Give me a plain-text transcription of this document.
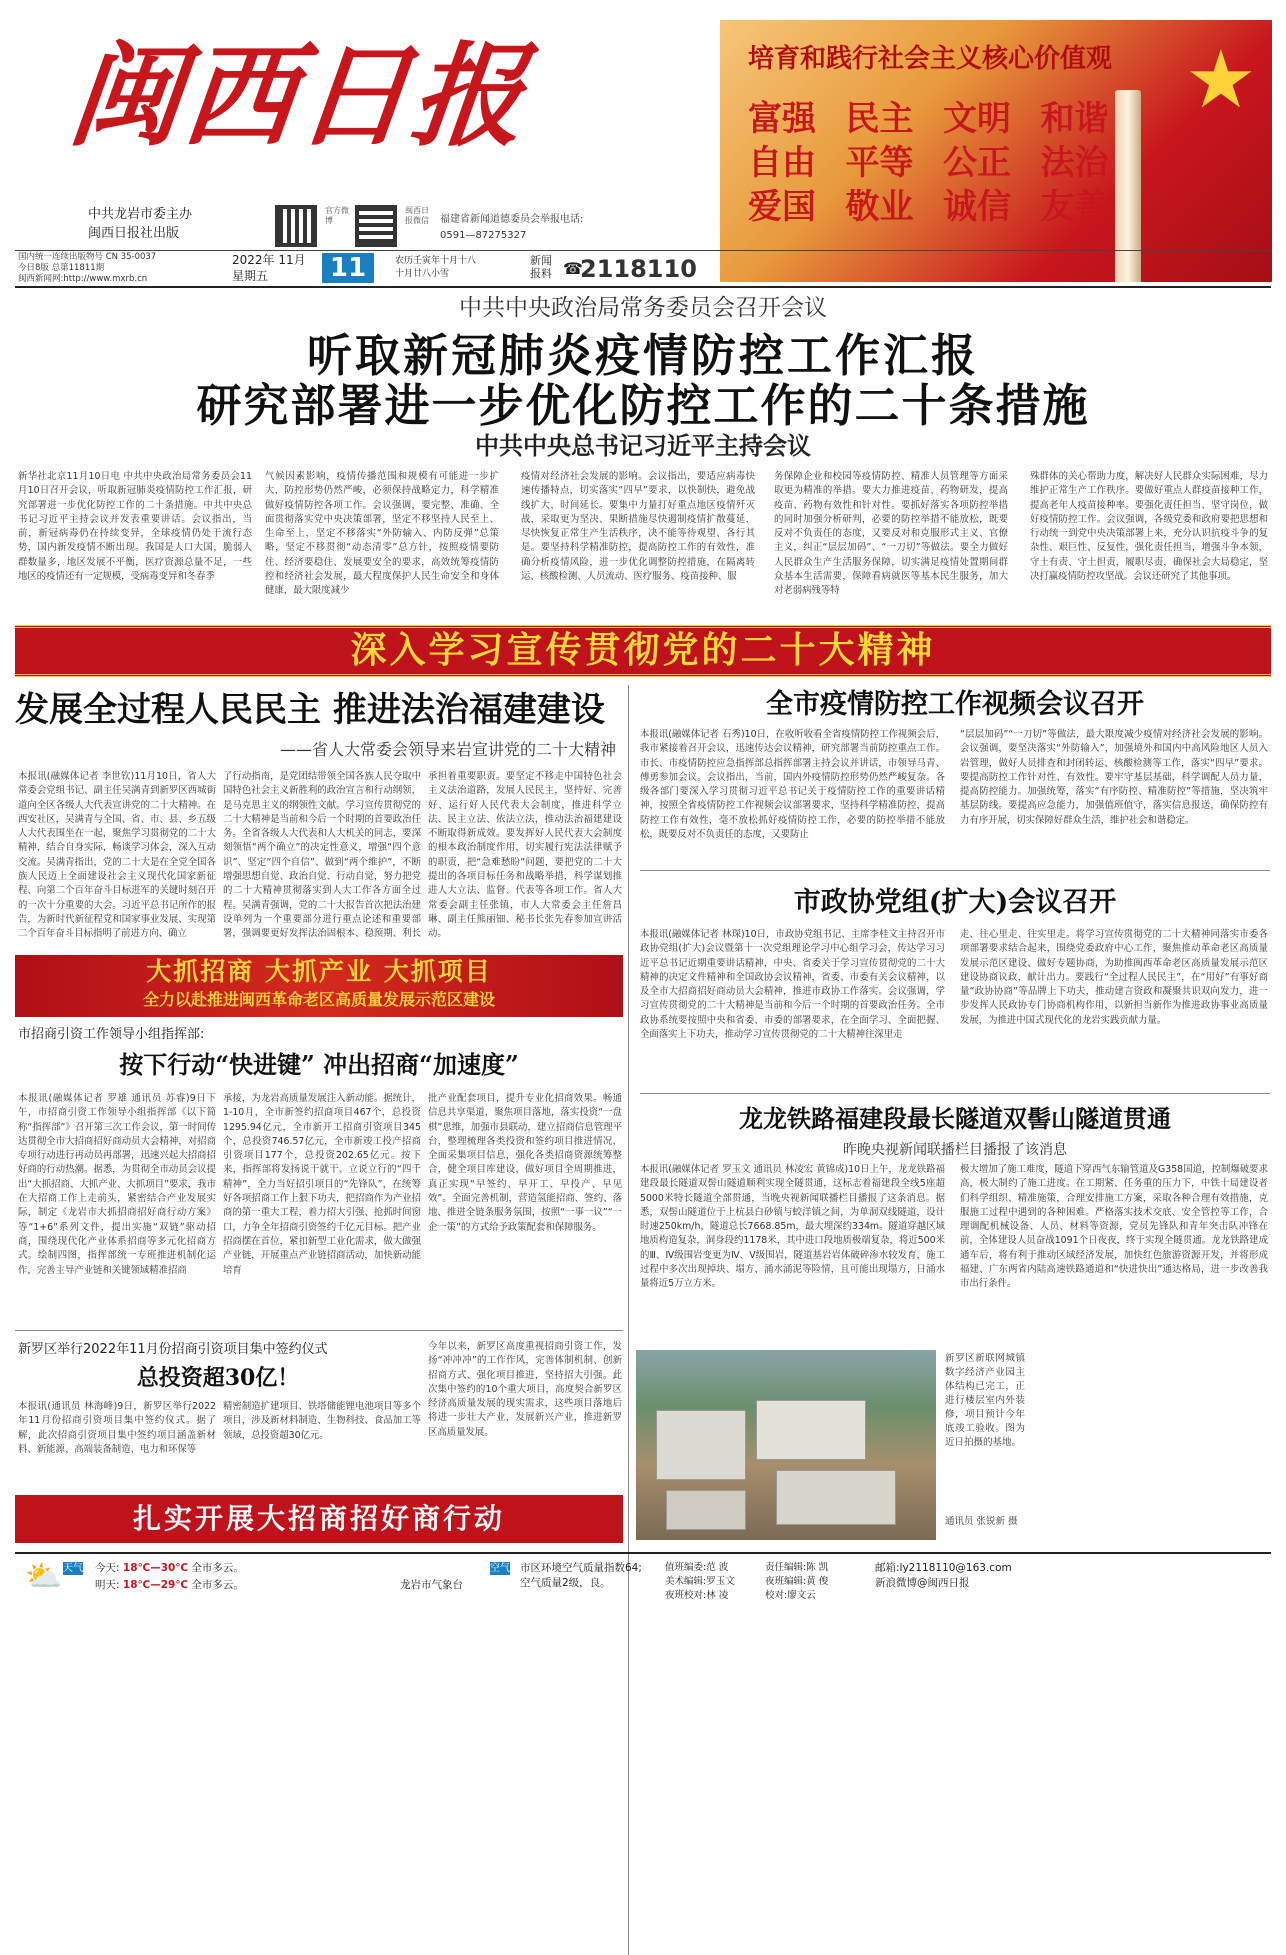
闽西日报
中共龙岩市委主办
闽西日报社出版
官方微博
闽西日报微信 福建省新闻道德委员会举报电话:
0591—87275327
★
培育和践行社会主义核心价值观
富强 民主 文明 和谐
自由 平等 公正 法治
爱国 敬业 诚信 友善
国内统一连续出版物号 CN 35-0037
今日8版 总第11811期
闽西新闻网:http://www.mxrb.cn
2022年 11月
星期五	11	农历壬寅年十月十八
十月廿八小雪
新闻报料 ☎
2118110
中共中央政治局常务委员会召开会议
听取新冠肺炎疫情防控工作汇报
研究部署进一步优化防控工作的二十条措施
中共中央总书记习近平主持会议
新华社北京11月10日电 中共中央政治局常务委员会11月10日召开会议，听取新冠肺炎疫情防控工作汇报，研究部署进一步优化防控工作的二十条措施。中共中央总书记习近平主持会议并发表重要讲话。会议指出，当前，新冠病毒仍在持续变异，全球疫情仍处于流行态势，国内新发疫情不断出现。我国是人口大国，脆弱人群数量多，地区发展不平衡，医疗资源总量不足，一些地区的疫情还有一定规模，受病毒变异和冬春季
气候因素影响，疫情传播范围和规模有可能进一步扩大，防控形势仍然严峻，必须保持战略定力，科学精准做好疫情防控各项工作。会议强调，要完整、准确、全面贯彻落实党中央决策部署，坚定不移坚持人民至上、生命至上，坚定不移落实“外防输入、内防反弹”总策略，坚定不移贯彻“动态清零”总方针，按照疫情要防住、经济要稳住、发展要安全的要求，高效统筹疫情防控和经济社会发展，最大程度保护人民生命安全和身体健康，最大限度减少
疫情对经济社会发展的影响。会议指出，要适应病毒快速传播特点，切实落实“四早”要求，以快制快，避免战线扩大、时间延长。要集中力量打好重点地区疫情歼灭战，采取更为坚决、果断措施尽快遏制疫情扩散蔓延，尽快恢复正常生产生活秩序，决不能等待观望、各行其是。要坚持科学精准防控，提高防控工作的有效性，准确分析疫情风险，进一步优化调整防控措施，在隔离转运、核酸检测、人员流动、医疗服务、疫苗接种、服
务保障企业和校园等疫情防控、精准人员管理等方面采取更为精准的举措。要大力推进疫苗、药物研发，提高疫苗、药物有效性和针对性。要抓好落实各项防控举措的同时加强分析研判，必要的防控举措不能放松，既要反对不负责任的态度，又要反对和克服形式主义、官僚主义，纠正“层层加码”、“一刀切”等做法。要全力做好人民群众生产生活服务保障，切实满足疫情处置期间群众基本生活需要，保障看病就医等基本民生服务，加大对老弱病残等特
殊群体的关心帮助力度，解决好人民群众实际困难，尽力维护正常生产工作秩序。要做好重点人群疫苗接种工作，提高老年人疫苗接种率。要强化责任担当、坚守岗位，做好疫情防控工作。会议强调，各级党委和政府要把思想和行动统一到党中央决策部署上来，充分认识抗疫斗争的复杂性、艰巨性、反复性，强化责任担当，增强斗争本领，守土有责、守土担责，履职尽责，确保社会大局稳定，坚决打赢疫情防控攻坚战。会议还研究了其他事项。
深入学习宣传贯彻党的二十大精神
发展全过程人民民主 推进法治福建建设
——省人大常委会领导来岩宣讲党的二十大精神
本报讯(融媒体记者 李世钦)11月10日，省人大常委会党组书记、副主任吴满青到新罗区西城街道向全区各级人大代表宣讲党的二十大精神。在西安社区，吴满青与全国、省、市、县、乡五级人大代表围坐在一起，聚焦学习贯彻党的二十大精神，结合自身实际，畅谈学习体会，深入互动交流。吴满青指出，党的二十大是在全党全国各族人民迈上全面建设社会主义现代化国家新征程、向第二个百年奋斗目标进军的关键时刻召开的一次十分重要的大会。习近平总书记所作的报告，为新时代新征程党和国家事业发展、实现第二个百年奋斗目标指明了前进方向、确立
了行动指南，是党团结带领全国各族人民夺取中国特色社会主义新胜利的政治宣言和行动纲领，是马克思主义的纲领性文献。学习宣传贯彻党的二十大精神是当前和今后一个时期的首要政治任务。全省各级人大代表和人大机关的同志，要深刻领悟“两个确立”的决定性意义，增强“四个意识”、坚定“四个自信”、做到“两个维护”，不断增强思想自觉、政治自觉、行动自觉，努力把党的二十大精神贯彻落实到人大工作各方面全过程。吴满青强调，党的二十大报告首次把法治建设单列为一个重要部分进行重点论述和重要部署，强调要更好发挥法治固根本、稳预期、利长
承担着重要职责。要坚定不移走中国特色社会主义法治道路，发展人民民主，坚持好、完善好、运行好人民代表大会制度，推进科学立法、民主立法、依法立法，推动法治福建建设不断取得新成效。要发挥好人民代表大会制度的根本政治制度作用，切实履行宪法法律赋予的职责，把“急难愁盼”问题，要把党的二十大提出的各项目标任务和战略举措，科学谋划推进人大立法、监督、代表等各项工作。省人大常委会副主任张镇，市人大常委会主任詹昌琳、副主任熊丽钿、秘书长张先春参加宣讲活动。
全市疫情防控工作视频会议召开
本报讯(融媒体记者 石秀)10日，在收听收看全省疫情防控工作视频会后，我市紧接着召开会议，迅速传达会议精神，研究部署当前防控重点工作。市长、市疫情防控应急指挥部总指挥部署主持会议并讲话，市领导马青、傅勇参加会议。会议指出，当前，国内外疫情防控形势仍然严峻复杂。各级各部门要深入学习贯彻习近平总书记关于疫情防控工作的重要讲话精神，按照全省疫情防控工作视频会议部署要求，坚持科学精准防控，提高防控工作有效性，毫不放松抓好疫情防控工作，必要的防控举措不能放松，既要反对不负责任的态度，又要防止
“层层加码”“一刀切”等做法，最大限度减少疫情对经济社会发展的影响。会议强调，要坚决落实“外防输入”，加强境外和国内中高风险地区人员入岩管理，做好人员排查和封闭转运、核酸检测等工作，落实“四早”要求。要提高防控工作针对性、有效性。要牢守基层基础，科学调配人员力量，提高防控能力。加强统筹，落实“有序防控、精准防控”等措施，坚决筑牢基层防线。要提高应急能力，加强值班值守，落实信息报送，确保防控有力有序开展，切实保障好群众生活，维护社会和谐稳定。
市政协党组(扩大)会议召开
本报讯(融媒体记者 林琛)10日，市政协党组书记、主席李桂文主持召开市政协党组(扩大)会议暨第十一次党组理论学习中心组学习会，传达学习习近平总书记近期重要讲话精神，中央、省委关于学习宣传贯彻党的二十大精神的决定文件精神和全国政协会议精神，省委、市委有关会议精神，以及全市大招商招好商动员大会精神，推进市政协工作落实。会议强调，学习宣传贯彻党的二十大精神是当前和今后一个时期的首要政治任务。全市政协系统要按照中央和省委、市委的部署要求，在全面学习、全面把握、全面落实上下功夫，推动学习宣传贯彻党的二十大精神往深里走
走、往心里走、往实里走。将学习宣传贯彻党的二十大精神同落实市委各项部署要求结合起来，围绕党委政府中心工作，聚焦推动革命老区高质量发展示范区建设、做好专题协商，为助推闽西革命老区高质量发展示范区建设协商议政，献计出力。要践行“全过程人民民主”，在“用好”有事好商量“政协协商”等品牌上下功夫，推动建言资政和凝聚共识双向发力，进一步发挥人民政协专门协商机构作用，以新担当新作为推进政协事业高质量发展，为推进中国式现代化的龙岩实践贡献力量。
龙龙铁路福建段最长隧道双髻山隧道贯通
昨晚央视新闻联播栏目播报了该消息
本报讯(融媒体记者 罗玉文 通讯员 林凌宏 黄锦成)10日上午，龙龙铁路福建段最长隧道双髻山隧道顺利实现全隧贯通，这标志着福建段全线5座超5000米特长隧道全部贯通，当晚央视新闻联播栏目播报了这条消息。据悉，双髻山隧道位于上杭县白砂镇与蛟洋镇之间，为单洞双线隧道，设计时速250km/h，隧道总长7668.85m，最大埋深约334m。隧道穿越区域地质构造复杂，洞身段约1178米，其中进口段地质极端复杂，将近500米的Ⅲ、Ⅳ级围岩变更为Ⅳ、Ⅴ级围岩，隧道基岩岩体破碎渗水较发育，施工过程中多次出现掉块、塌方、涌水涌泥等险情，且可能出现塌方，日涌水量将近5万立方米。
极大增加了施工难度，隧道下穿西气东输管道及G358国道，控制爆破要求高，极大制约了施工进度。在工期紧、任务重的压力下，中铁十局建设者们科学组织、精准施策，合理安排施工方案，采取各种合理有效措施，克服施工过程中遇到的各种困难。严格落实技术交底、安全管控等工作，合理调配机械设备、人员、材料等资源，党员先锋队和青年突击队冲锋在前，全体建设人员奋战1091个日夜夜，终于实现全隧贯通。龙龙铁路建成通车后，将有利于推动区域经济发展，加快红色旅游资源开发，并将形成福建、广东两省内陆高速铁路通道和“快进快出”通达格局，进一步改善我市出行条件。
新罗区新联网城镇数字经济产业园主体结构已完工，正进行楼层室内外装修，项目预计今年底竣工验收。图为近日拍摄的基地。
通讯员 张锐新 摄
大抓招商 大抓产业 大抓项目
全力以赴推进闽西革命老区高质量发展示范区建设
市招商引资工作领导小组指挥部:
按下行动“快进键” 冲出招商“加速度”
本报讯(融媒体记者 罗雄 通讯员 苏睿)9日下午，市招商引资工作领导小组指挥部《以下简称“指挥部”》召开第三次工作会议，第一时间传达贯彻全市大招商招好商动员大会精神，对招商专项行动进行再动员再部署，迅速兴起大招商招好商的行动热潮。据悉，为贯彻全市动员会议提出“大抓招商、大抓产业、大抓项目”要求，我市在大招商工作上走前头，紧密结合产业发展实际，制定《龙岩市大抓招商招好商行动方案》等“1+6”系列文件，提出实施“双链”驱动招商，围绕现代化产业体系招商等多元化招商方式。绘制四图，指挥部统一专班推进机制化运作，完善主导产业链和关键领域精准招商
承接，为龙岩高质量发展注入新动能。据统计，1-10月，全市新签约招商项目467个，总投资1295.94亿元，全市新开工招商引资项目345个，总投资746.57亿元，全市新竣工投产招商引资项目177个，总投资202.65亿元。按下来，指挥部将发扬说干就干、立说立行的“四千精神”，全力当好招引项目的“先锋队”，在统筹好各项招商工作上狠下功夫，把招商作为产业招商的第一重大工程，着力招大引强、抢抓时间窗口，力争全年招商引资签约千亿元目标。把产业招商摆在首位，紧扣新型工业化需求，做大做强产业链，开展重点产业链招商活动，加快新动能培育
批产业配套项目，提升专业化招商效果。畅通信息共享渠道，聚焦项目落地，落实投资“一盘棋”思维，加强市县联动，建立招商信息管理平台，整理梳理各类投资和签约项目推进情况，全面采集项目信息，强化各类招商资源统筹整合，健全项目库建设，做好项目全周期推进，真正实现“早签约、早开工、早投产、早见效”。全面完善机制，营造氢能招商、签约、落地、推进全链条服务氛围，按照“一事一议”“一企一策”的方式给予政策配套和保障服务。
新罗区举行2022年11月份招商引资项目集中签约仪式
总投资超30亿！
本报讯(通讯员 林海峰)9日，新罗区举行2022年11月份招商引资项目集中签约仪式。据了解，此次招商引资项目集中签约项目涵盖新材料、新能源、高端装备制造、电力和环保等
精密制造扩建项目、铁塔储能锂电池项目等多个项目，涉及新材料制造、生物科技、食品加工等领域，总投资超30亿元。
今年以来，新罗区高度重视招商引资工作，发扬“冲冲冲”的工作作风，完善体制机制、创新招商方式、强化项目推进，坚持招大引强。此次集中签约的10个重大项目，高度契合新罗区经济高质量发展的现实需求，这些项目落地后将进一步壮大产业，发展新兴产业，推进新罗区高质量发展。
扎实开展大招商招好商行动
⛅ 天气 今天: 18℃—30℃ 全市多云。
明天: 18℃—29℃ 全市多云。	龙岩市气象台
空气 市区环境空气质量指数64;
空气质量2级，良。
值班编委:范 波	责任编辑:陈 凯
美术编辑:罗玉文	夜班编辑:黄 俊
夜班校对:林 凌	校对:廖文云
邮箱:ly2118110@163.com
新浪微博@闽西日报
